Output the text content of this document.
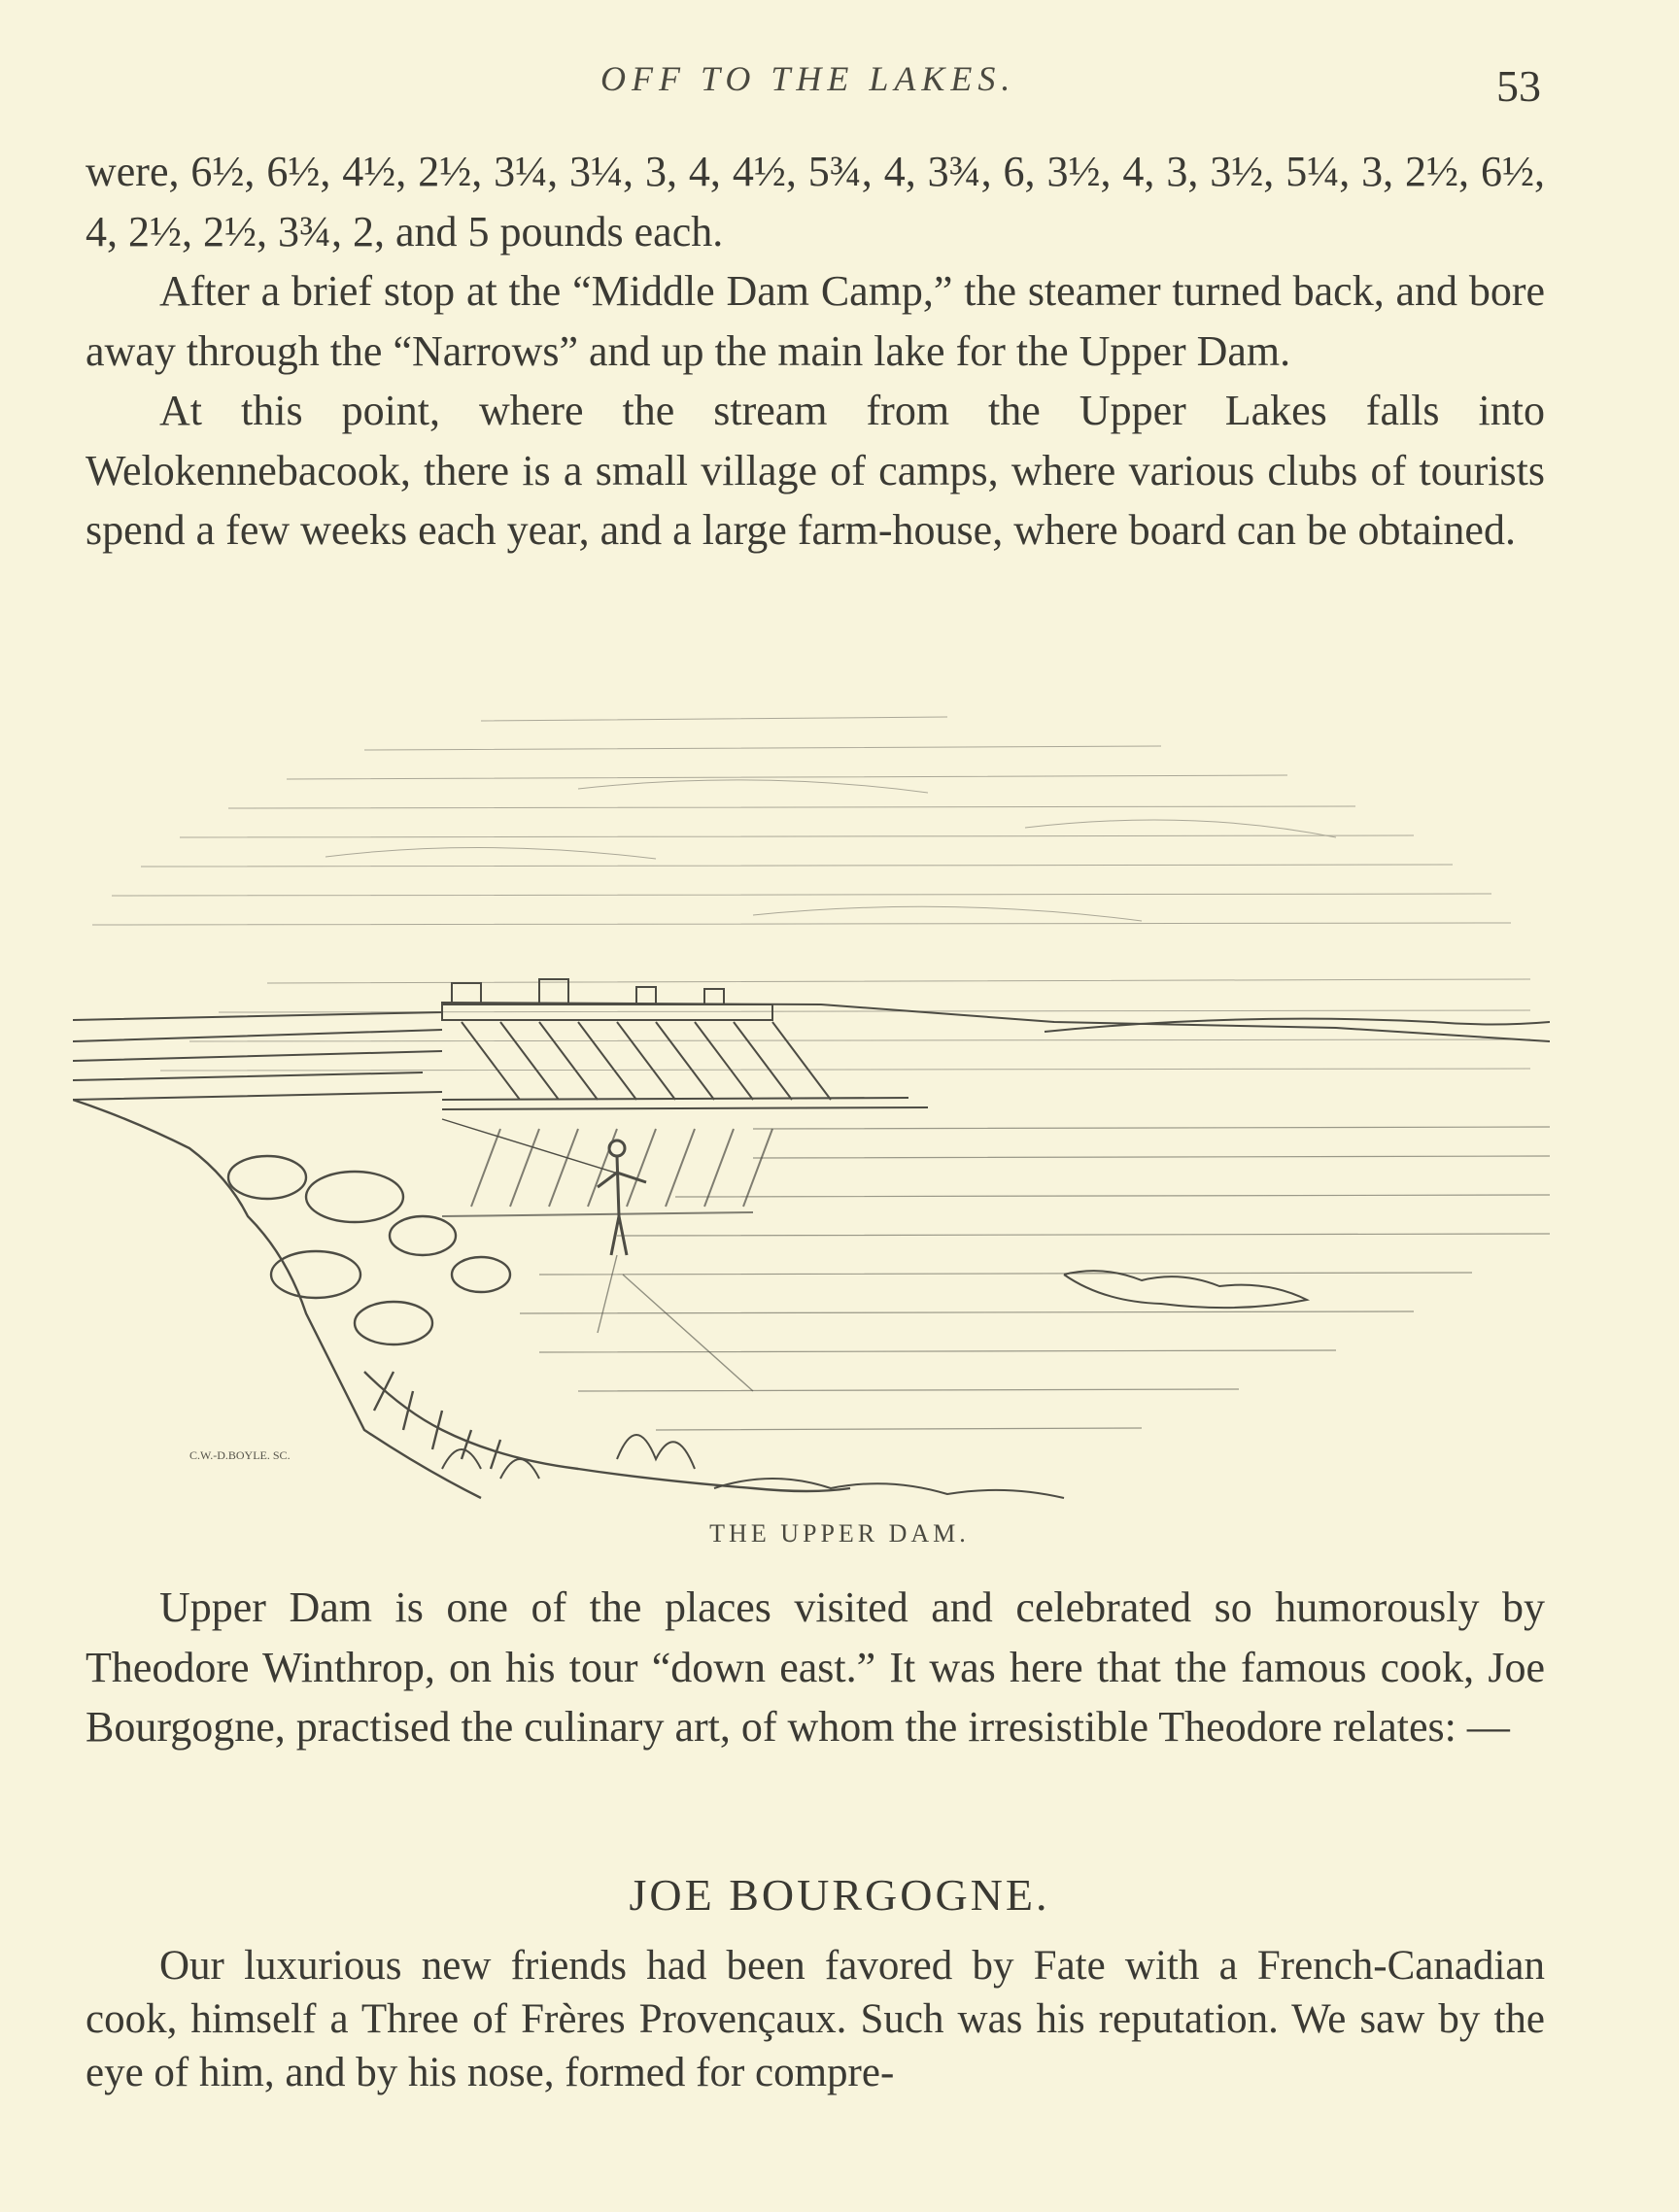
OFF TO THE LAKES.	53

were, 6½, 6½, 4½, 2½, 3¼, 3¼, 3, 4, 4½, 5¾, 4, 3¾, 6, 3½, 4, 3, 3½, 5¼, 3, 2½, 6½, 4, 2½, 2½, 3¾, 2, and 5 pounds each.

After a brief stop at the “Middle Dam Camp,” the steamer turned back, and bore away through the “Narrows” and up the main lake for the Upper Dam.

At this point, where the stream from the Upper Lakes falls into Welokennebacook, there is a small village of camps, where various clubs of tourists spend a few weeks each year, and a large farm-house, where board can be obtained.

C.W.-D.BOYLE. SC.
THE UPPER DAM.

Upper Dam is one of the places visited and celebrated so humorously by Theodore Winthrop, on his tour “down east.” It was here that the famous cook, Joe Bourgogne, practised the culinary art, of whom the irresistible Theodore relates: —

JOE BOURGOGNE.

Our luxurious new friends had been favored by Fate with a French-Canadian cook, himself a Three of Frères Provençaux. Such was his reputation. We saw by the eye of him, and by his nose, formed for compre-
